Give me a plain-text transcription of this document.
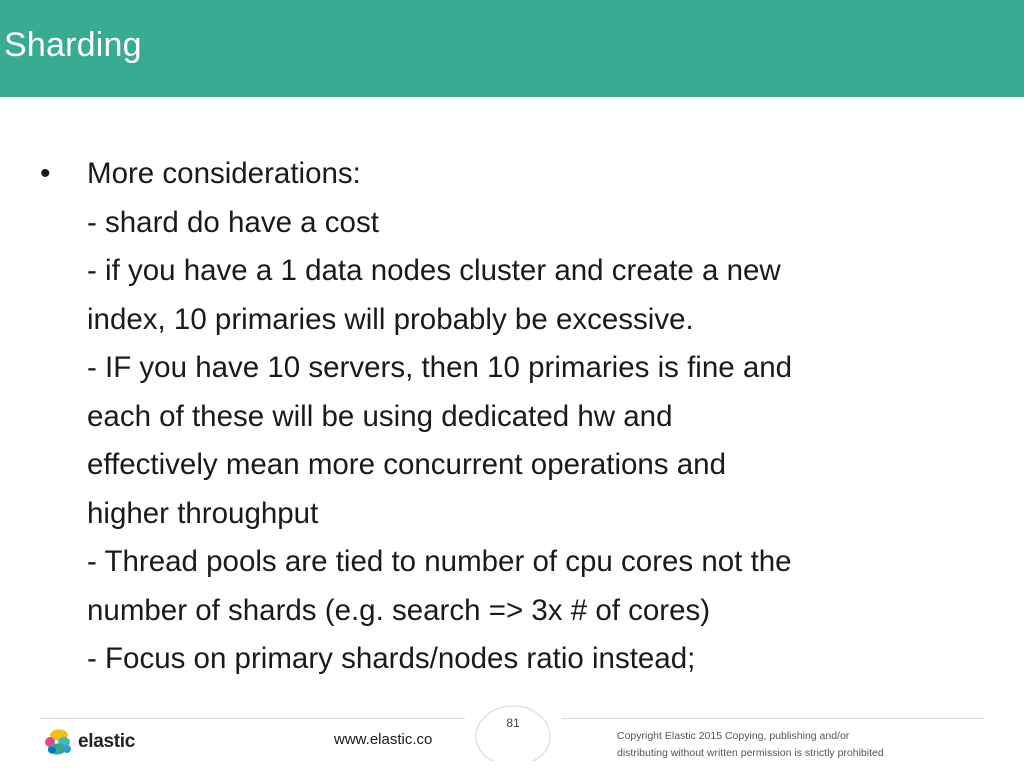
Sharding
•	More considerations:
- shard do have a cost
- if you have a 1 data nodes cluster and create a new
index, 10 primaries will probably be excessive.
- IF you have 10 servers, then 10 primaries is fine and
each of these will be using dedicated hw and
effectively mean more concurrent operations and
higher throughput
- Thread pools are tied to number of cpu cores not the
number of shards (e.g. search => 3x # of cores)
- Focus on primary shards/nodes ratio instead;
81
elastic	www.elastic.co	Copyright Elastic 2015 Copying, publishing and/or
distributing without written permission is strictly prohibited
